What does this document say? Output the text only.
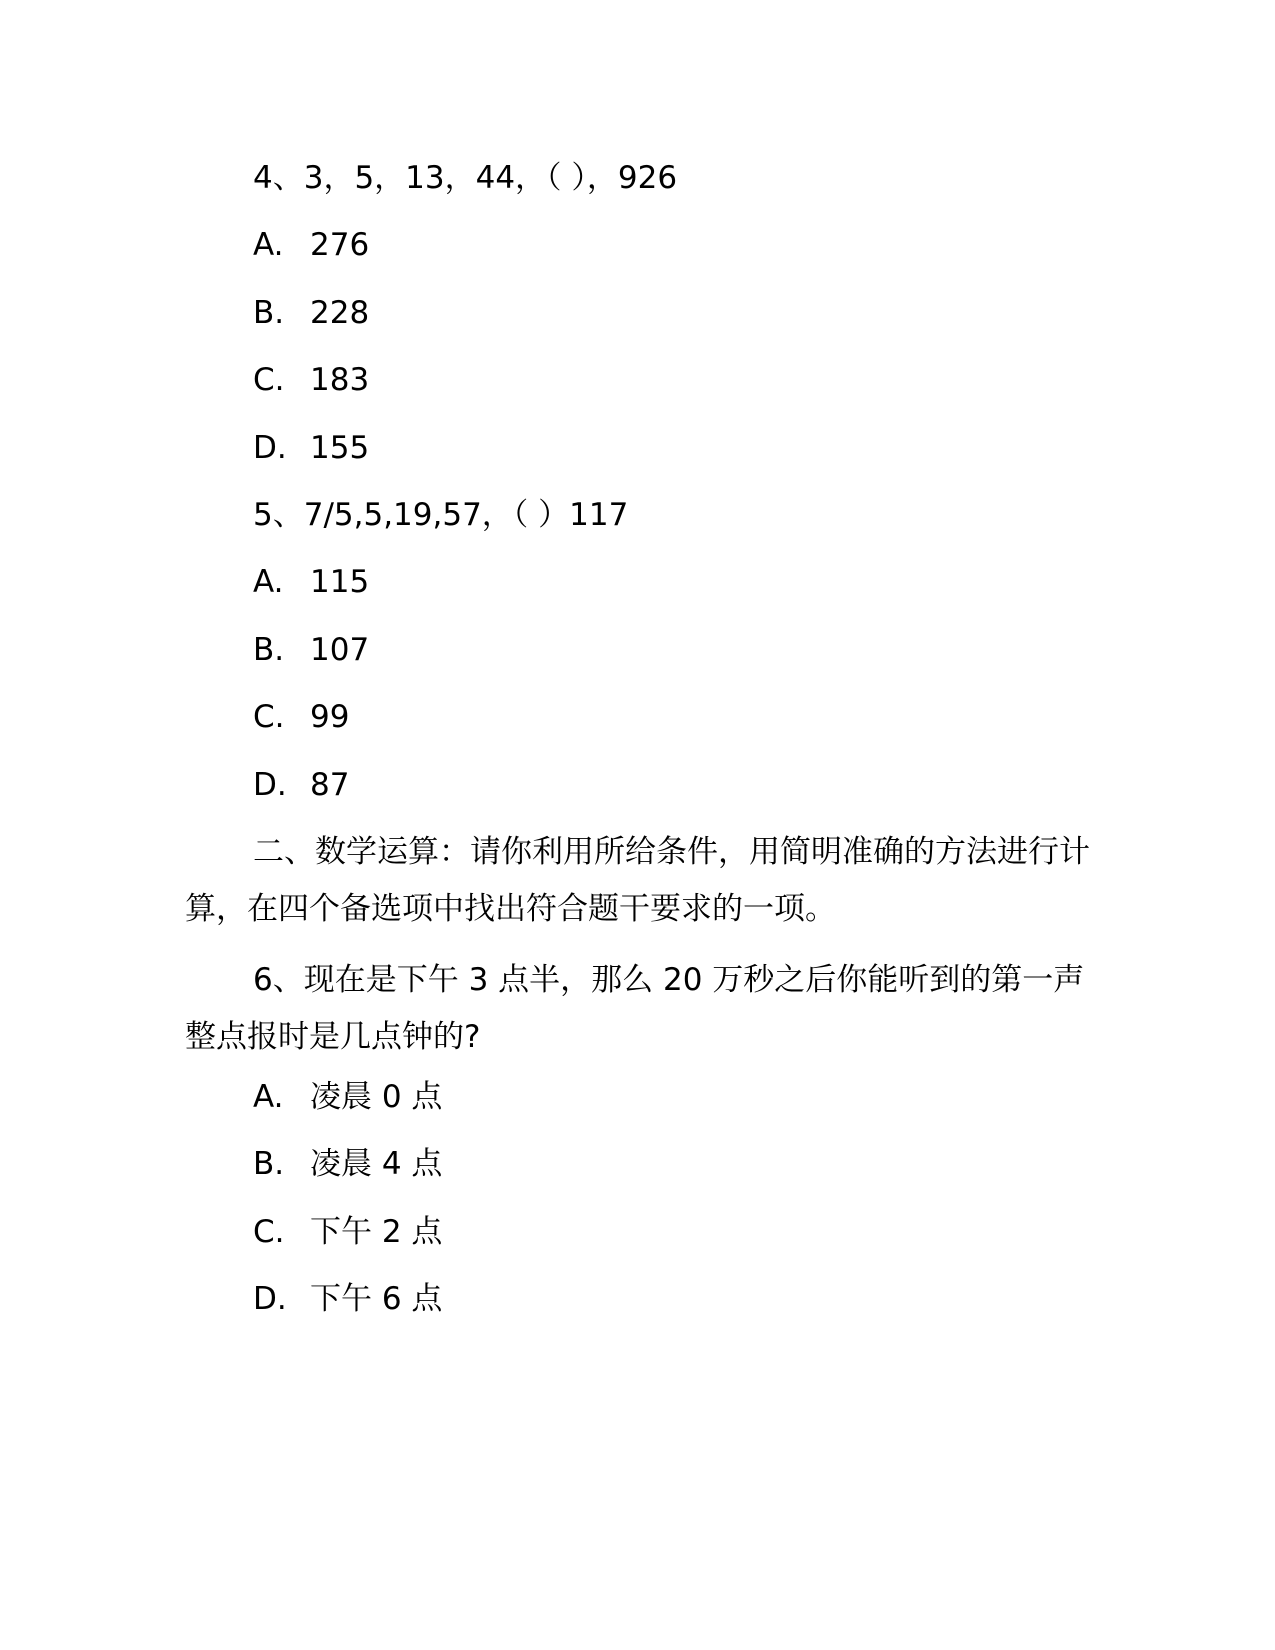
4、3，5，13，44，（ ），926
A. 276
B. 228
C. 183
D. 155
5、7/5,5,19,57，（ ）117
A. 115
B. 107
C. 99
D. 87
二、数学运算：请你利用所给条件，用简明准确的方法进行计算，在四个备选项中找出符合题干要求的一项。
6、现在是下午 3 点半，那么 20 万秒之后你能听到的第一声整点报时是几点钟的?
A. 凌晨 0 点
B. 凌晨 4 点
C. 下午 2 点
D. 下午 6 点
